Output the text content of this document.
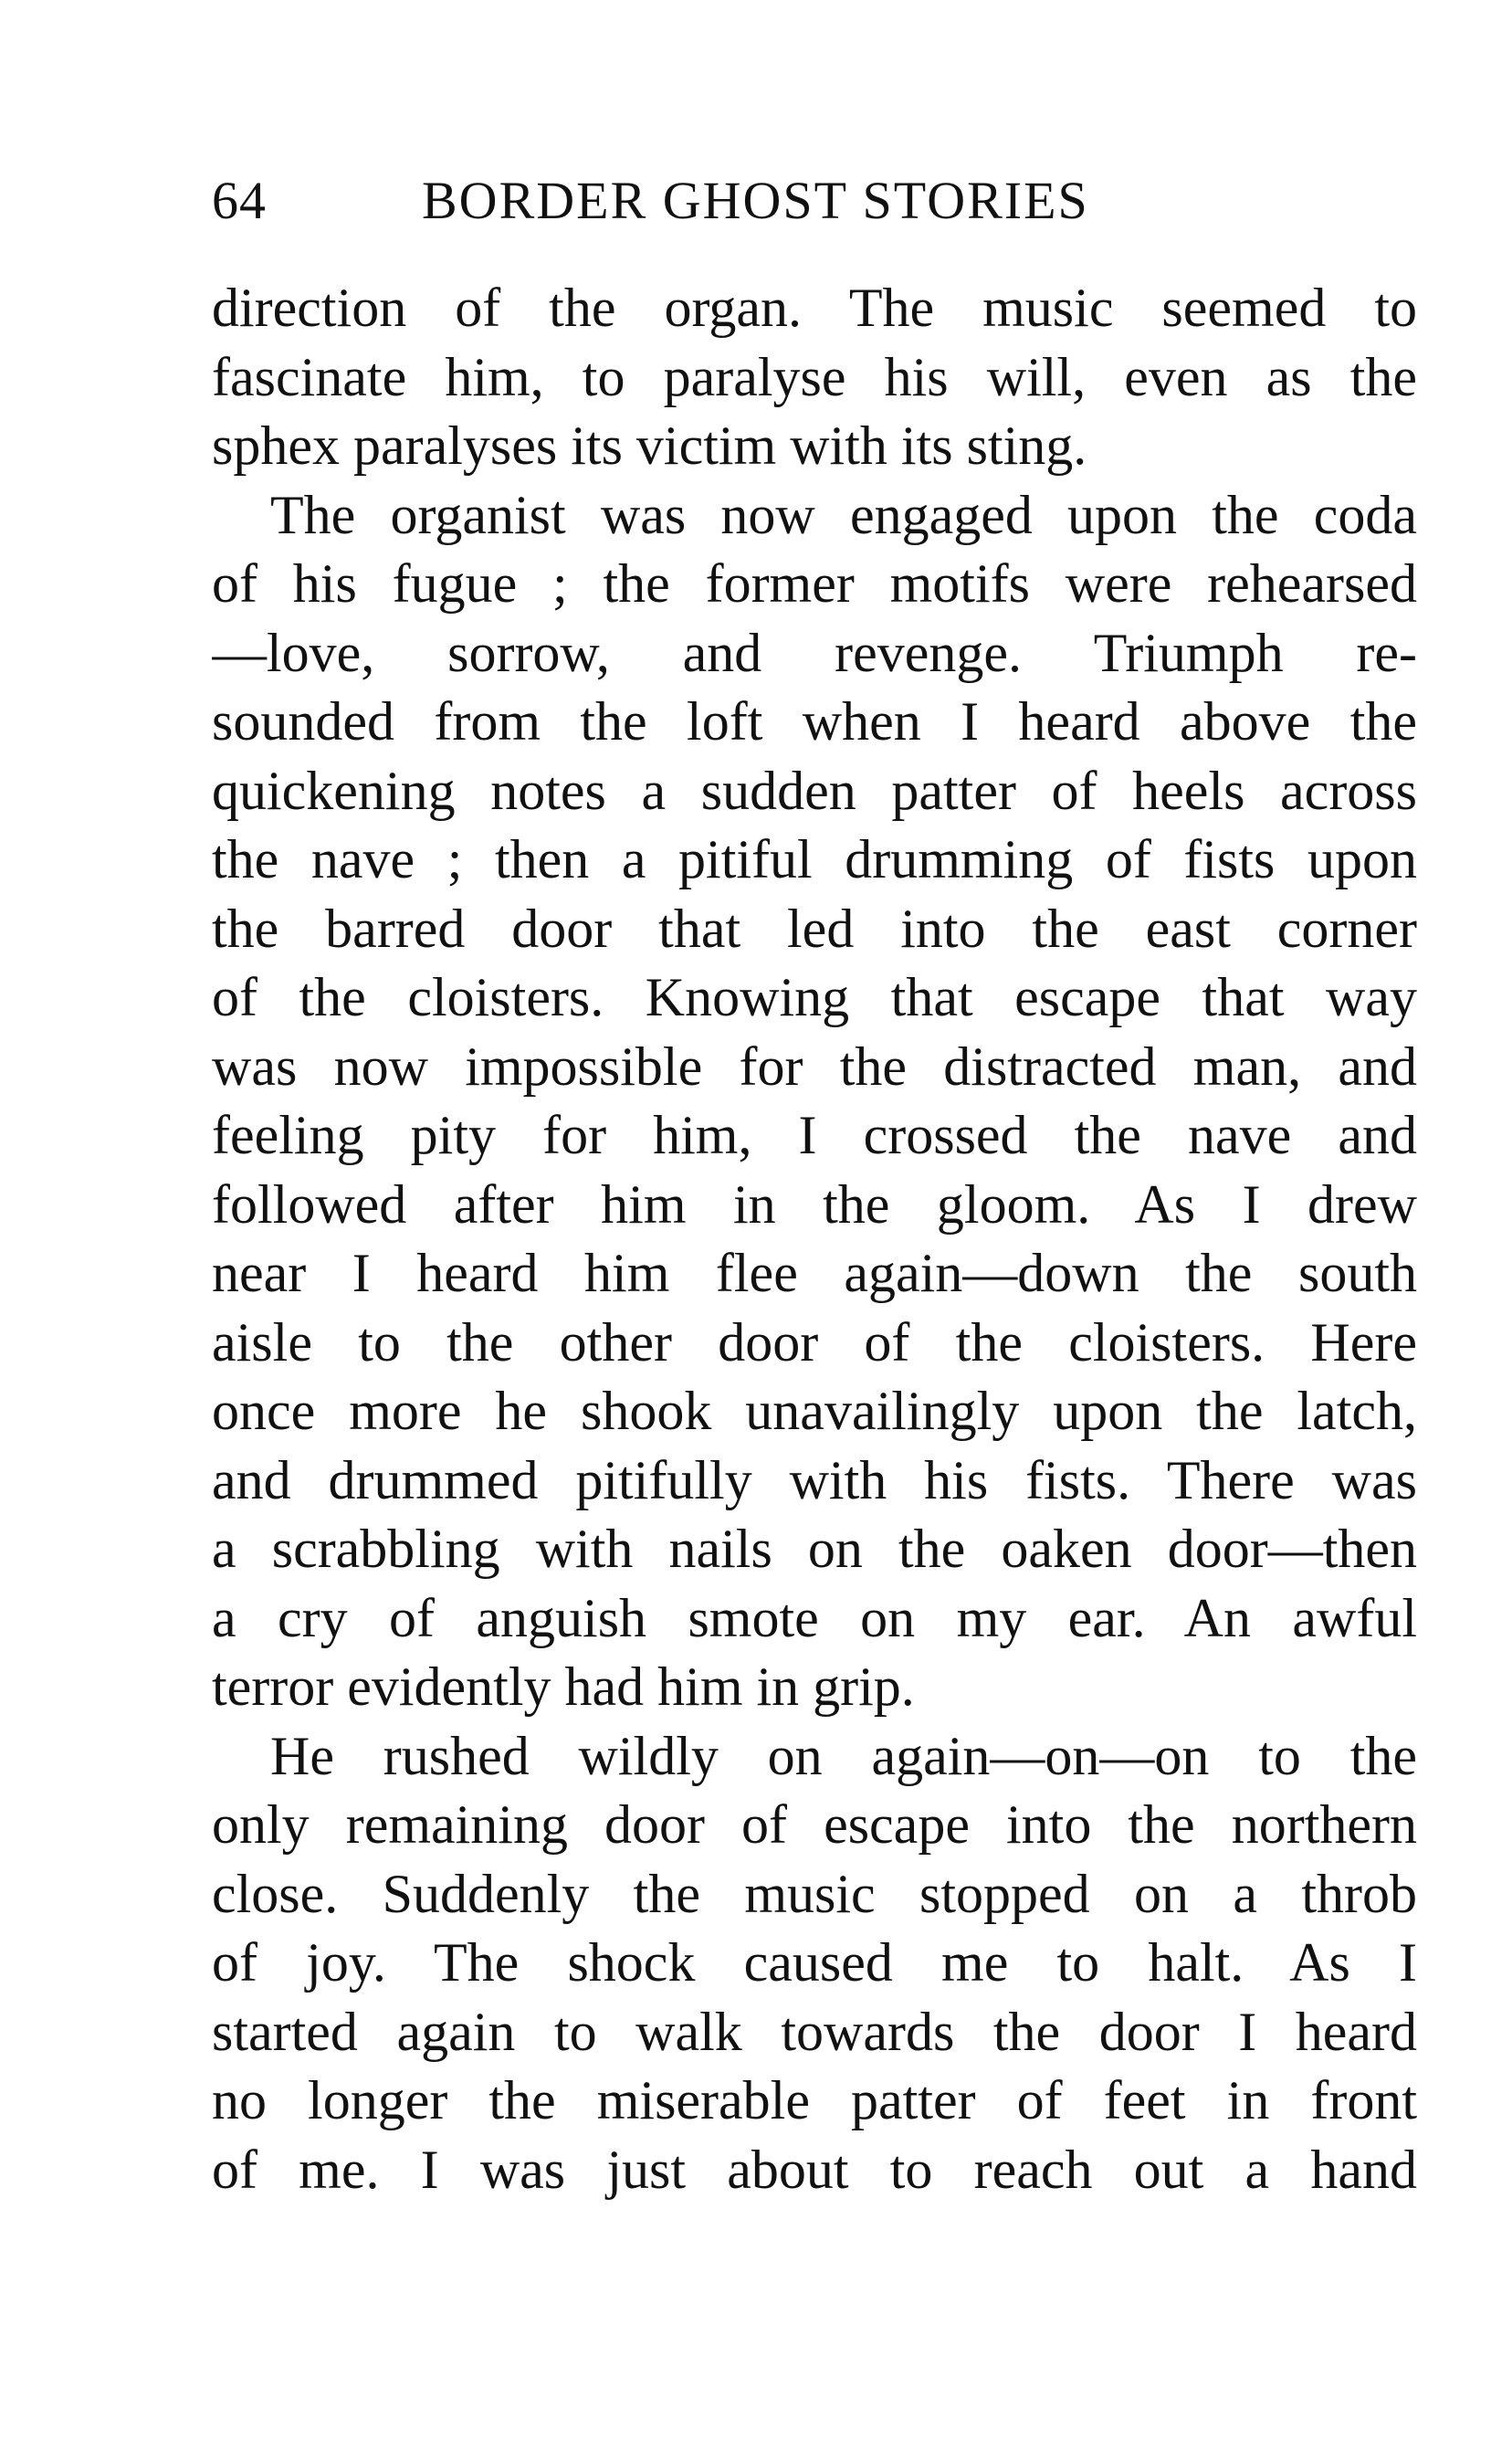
64	BORDER GHOST STORIES
direction of the organ. The music seemed to
fascinate him, to paralyse his will, even as the
sphex paralyses its victim with its sting.
The organist was now engaged upon the coda
of his fugue ; the former motifs were rehearsed
—love, sorrow, and revenge. Triumph re-
sounded from the loft when I heard above the
quickening notes a sudden patter of heels across
the nave ; then a pitiful drumming of fists upon
the barred door that led into the east corner
of the cloisters. Knowing that escape that way
was now impossible for the distracted man, and
feeling pity for him, I crossed the nave and
followed after him in the gloom. As I drew
near I heard him flee again—down the south
aisle to the other door of the cloisters. Here
once more he shook unavailingly upon the latch,
and drummed pitifully with his fists. There was
a scrabbling with nails on the oaken door—then
a cry of anguish smote on my ear. An awful
terror evidently had him in grip.
He rushed wildly on again—on—on to the
only remaining door of escape into the northern
close. Suddenly the music stopped on a throb
of joy. The shock caused me to halt. As I
started again to walk towards the door I heard
no longer the miserable patter of feet in front
of me. I was just about to reach out a hand
